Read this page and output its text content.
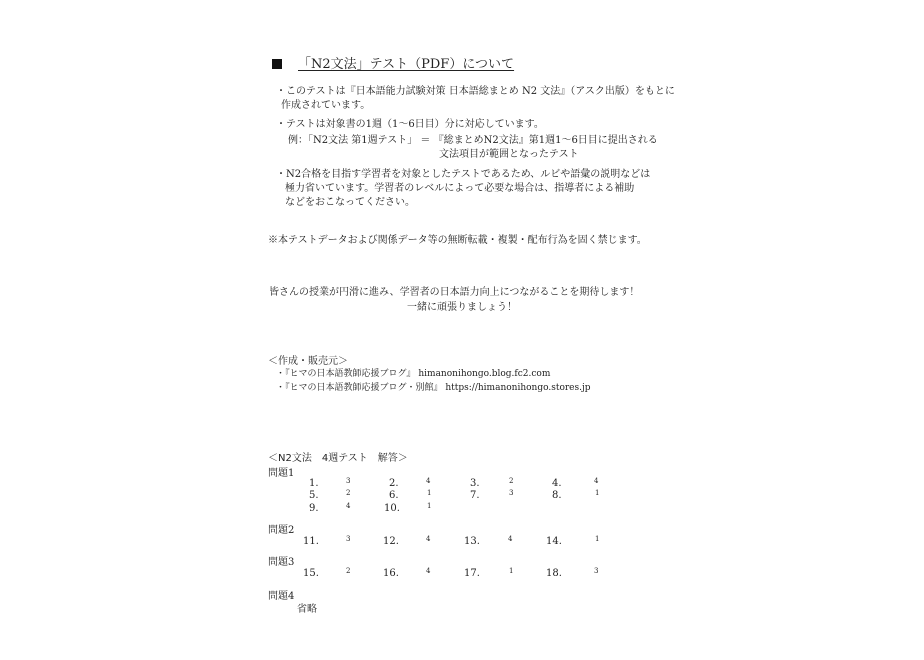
「N2文法」テスト（PDF）について
・このテストは『日本語能力試験対策 日本語総まとめ N2 文法』（アスク出版）をもとに
作成されています。
・テストは対象書の1週（1～6日目）分に対応しています。
例：「N2文法 第1週テスト」 ＝ 『総まとめN2文法』第1週1～6日目に提出される
文法項目が範囲となったテスト
・N2合格を目指す学習者を対象としたテストであるため、ルビや語彙の説明などは
極力省いています。学習者のレベルによって必要な場合は、指導者による補助
などをおこなってください。
※本テストデータおよび関係データ等の無断転載・複製・配布行為を固く禁じます。
皆さんの授業が円滑に進み、学習者の日本語力向上につながることを期待します！
一緒に頑張りましょう！
＜作成・販売元＞
・『ヒマの日本語教師応援ブログ』 himanonihongo.blog.fc2.com
・『ヒマの日本語教師応援ブログ・別館』 https://himanonihongo.stores.jp
＜N2文法　4週テスト　解答＞
問題1
1.	3	2.	4	3.	2	4.	4
5.	2	6.	1	7.	3	8.	1
9.	4	10.	1
問題2
11.	3	12.	4	13.	4	14.	1
問題3
15.	2	16.	4	17.	1	18.	3
問題4
省略
